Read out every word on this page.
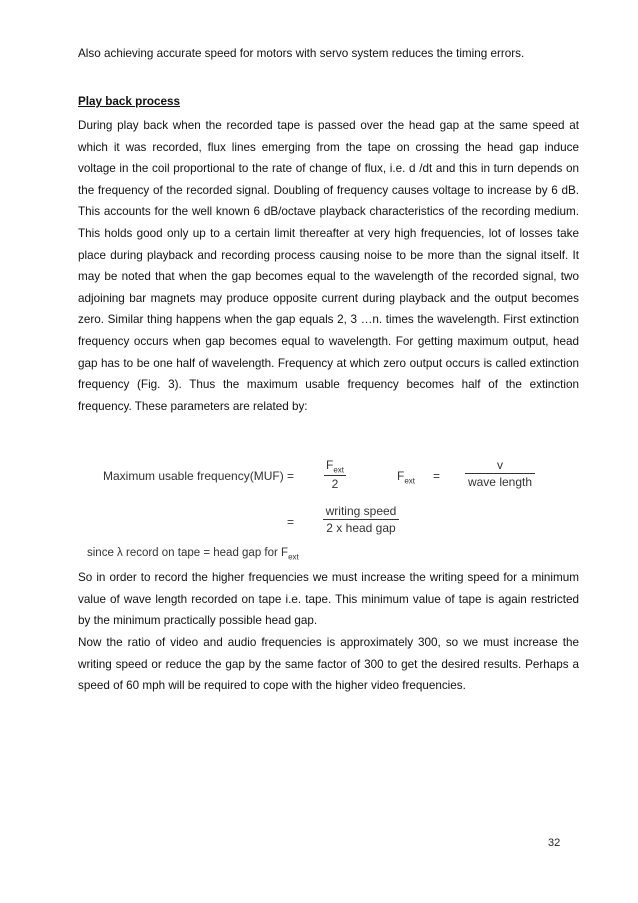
Also achieving accurate speed for motors with servo system reduces the timing errors.

Play back process

During play back when the recorded tape is passed over the head gap at the same speed at which it was recorded, flux lines emerging from the tape on crossing the head gap induce voltage in the coil proportional to the rate of change of flux, i.e. d /dt and this in turn depends on the frequency of the recorded signal. Doubling of frequency causes voltage to increase by 6 dB. This accounts for the well known 6 dB/octave playback characteristics of the recording medium. This holds good only up to a certain limit thereafter at very high frequencies, lot of losses take place during playback and recording process causing noise to be more than the signal itself. It may be noted that when the gap becomes equal to the wavelength of the recorded signal, two adjoining bar magnets may produce opposite current during playback and the output becomes zero. Similar thing happens when the gap equals 2, 3 …n. times the wavelength. First extinction frequency occurs when gap becomes equal to wavelength. For getting maximum output, head gap has to be one half of wavelength. Frequency at which zero output occurs is called extinction frequency (Fig. 3). Thus the maximum usable frequency becomes half of the extinction frequency. These parameters are related by:

Maximum usable frequency(MUF) =
$F_{ext}$
2
$F_{ext}$ =
v
wave length
=
writing speed
2 x head gap
since λ record on tape = head gap for $F_{ext}$

So in order to record the higher frequencies we must increase the writing speed for a minimum value of wave length recorded on tape i.e. tape. This minimum value of tape is again restricted by the minimum practically possible head gap.

Now the ratio of video and audio frequencies is approximately 300, so we must increase the writing speed or reduce the gap by the same factor of 300 to get the desired results. Perhaps a speed of 60 mph will be required to cope with the higher video frequencies.

32
